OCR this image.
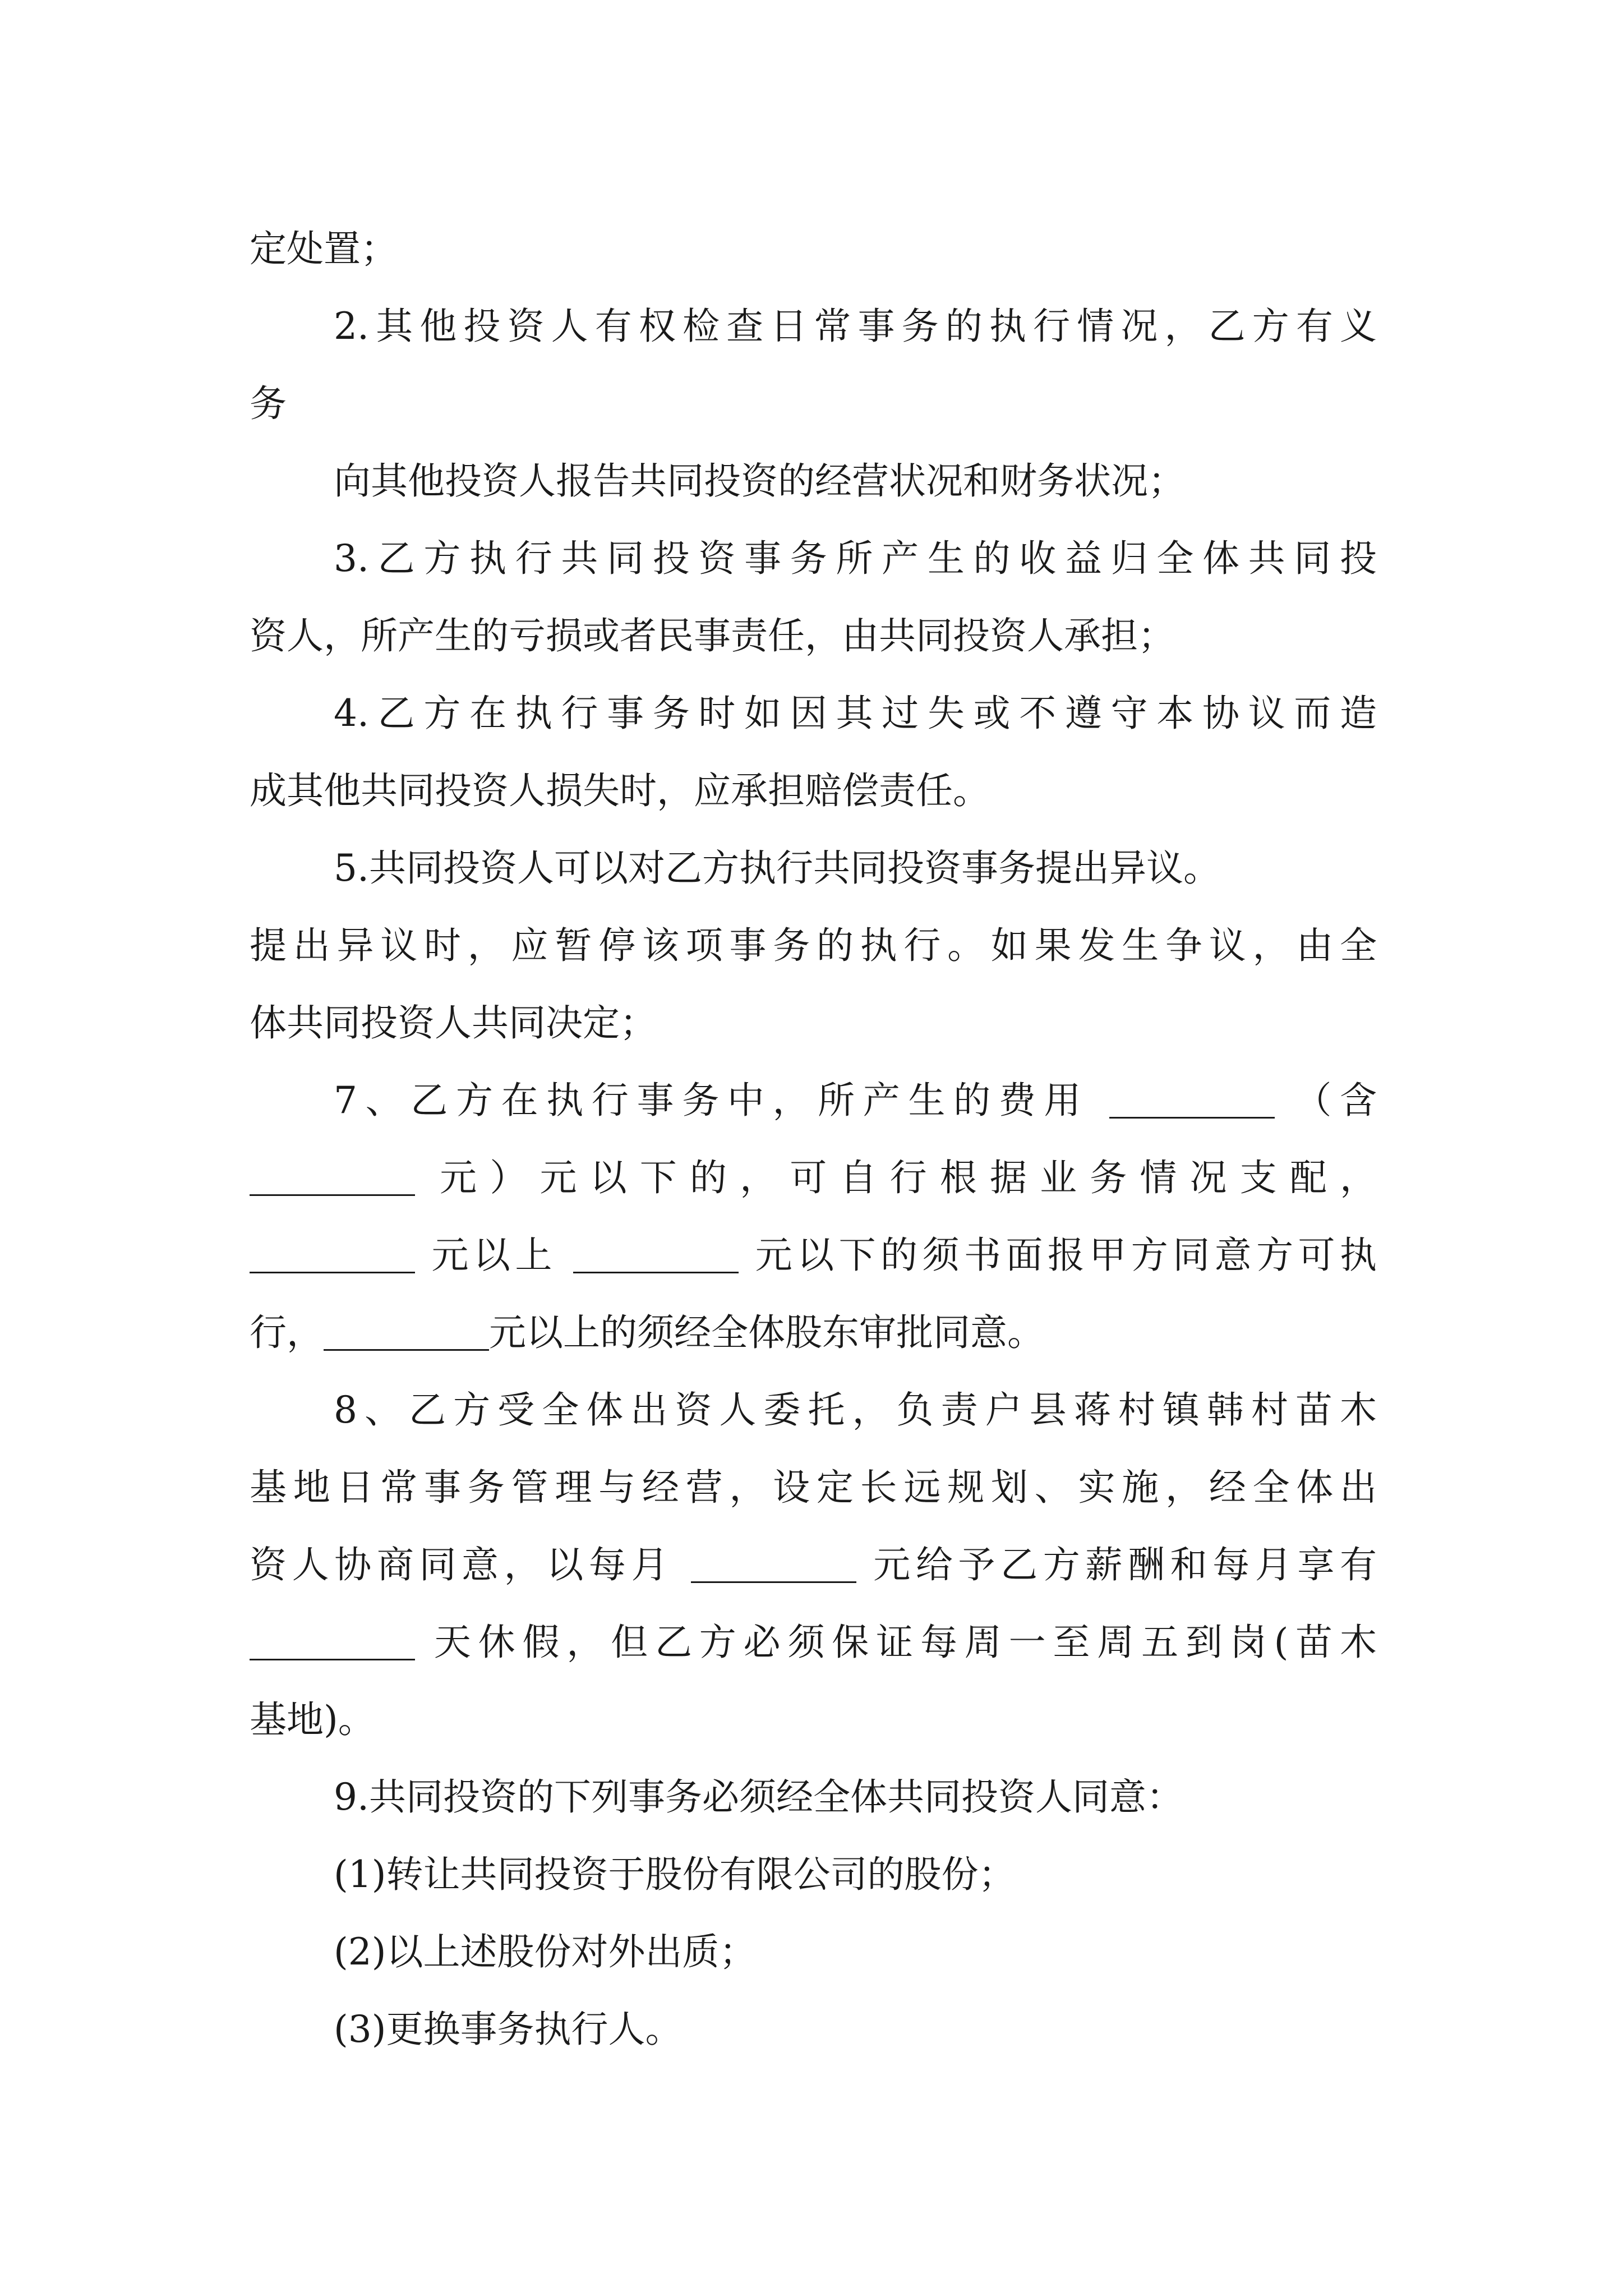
定处置；
2.其他投资人有权检查日常事务的执行情况，乙方有义
务
向其他投资人报告共同投资的经营状况和财务状况；
3.乙方执行共同投资事务所产生的收益归全体共同投
资人，所产生的亏损或者民事责任，由共同投资人承担；
4.乙方在执行事务时如因其过失或不遵守本协议而造
成其他共同投资人损失时，应承担赔偿责任。
5.共同投资人可以对乙方执行共同投资事务提出异议。
提出异议时，应暂停该项事务的执行。如果发生争议，由全
体共同投资人共同决定；
7、乙方在执行事务中，所产生的费用	（含
元）元以下的，可自行根据业务情况支配，
元以上	元以下的须书面报甲方同意方可执
行，	元以上的须经全体股东审批同意。
8、乙方受全体出资人委托，负责户县蒋村镇韩村苗木
基地日常事务管理与经营，设定长远规划、实施，经全体出
资人协商同意，以每月	元给予乙方薪酬和每月享有
天休假，但乙方必须保证每周一至周五到岗(苗木
基地)。
9.共同投资的下列事务必须经全体共同投资人同意：
(1)转让共同投资于股份有限公司的股份；
(2)以上述股份对外出质；
(3)更换事务执行人。
